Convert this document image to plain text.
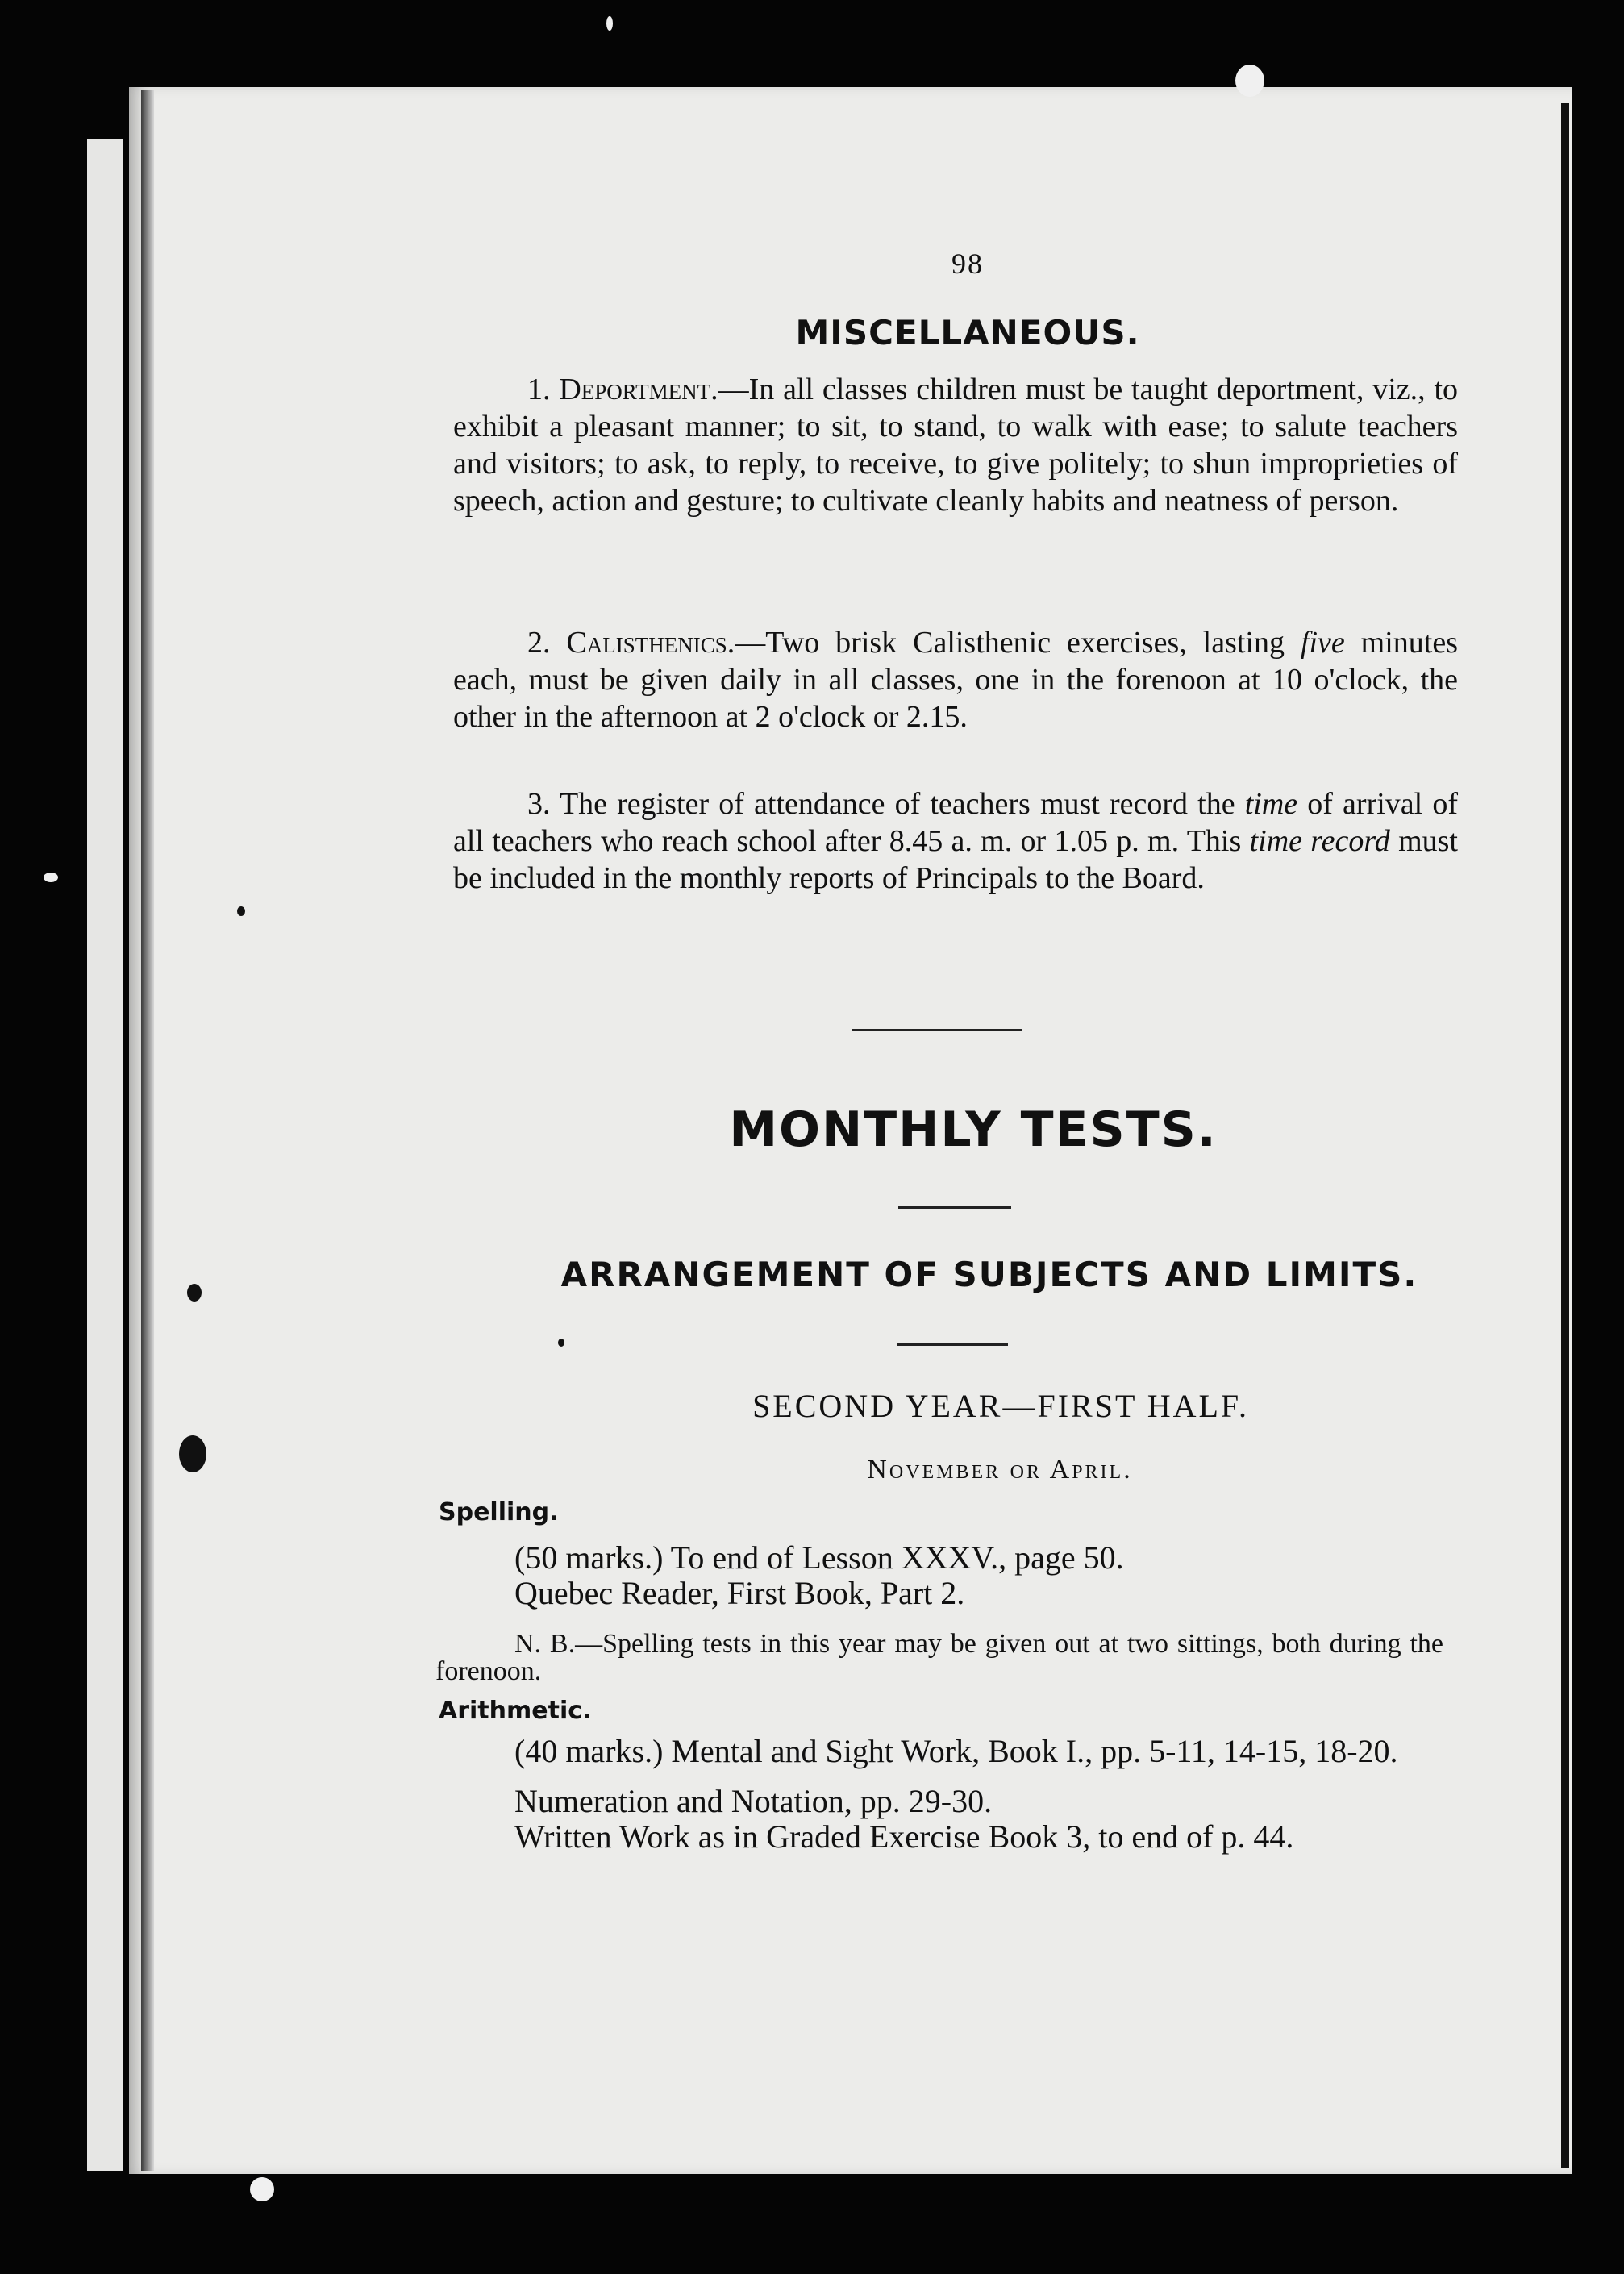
98
MISCELLANEOUS.

1. Deportment.—In all classes children must be taught deportment, viz., to exhibit a pleasant manner; to sit, to stand, to walk with ease; to salute teachers and visitors; to ask, to reply, to receive, to give politely; to shun improprieties of speech, action and gesture; to cultivate cleanly habits and neatness of person.

2. Calisthenics.—Two brisk Calisthenic exercises, lasting five minutes each, must be given daily in all classes, one in the forenoon at 10 o'clock, the other in the afternoon at 2 o'clock or 2.15.

3. The register of attendance of teachers must record the time of arrival of all teachers who reach school after 8.45 a. m. or 1.05 p. m. This time record must be included in the monthly reports of Principals to the Board.

MONTHLY TESTS.
ARRANGEMENT OF SUBJECTS AND LIMITS.
SECOND YEAR—FIRST HALF.
November or April.
Spelling.

(50 marks.) To end of Lesson XXXV., page 50.

Quebec Reader, First Book, Part 2.

N. B.—Spelling tests in this year may be given out at two sittings, both during the forenoon.

Arithmetic.

(40 marks.) Mental and Sight Work, Book I., pp. 5-11, 14-15, 18-20.

Numeration and Notation, pp. 29-30.

Written Work as in Graded Exercise Book 3, to end of p. 44.
